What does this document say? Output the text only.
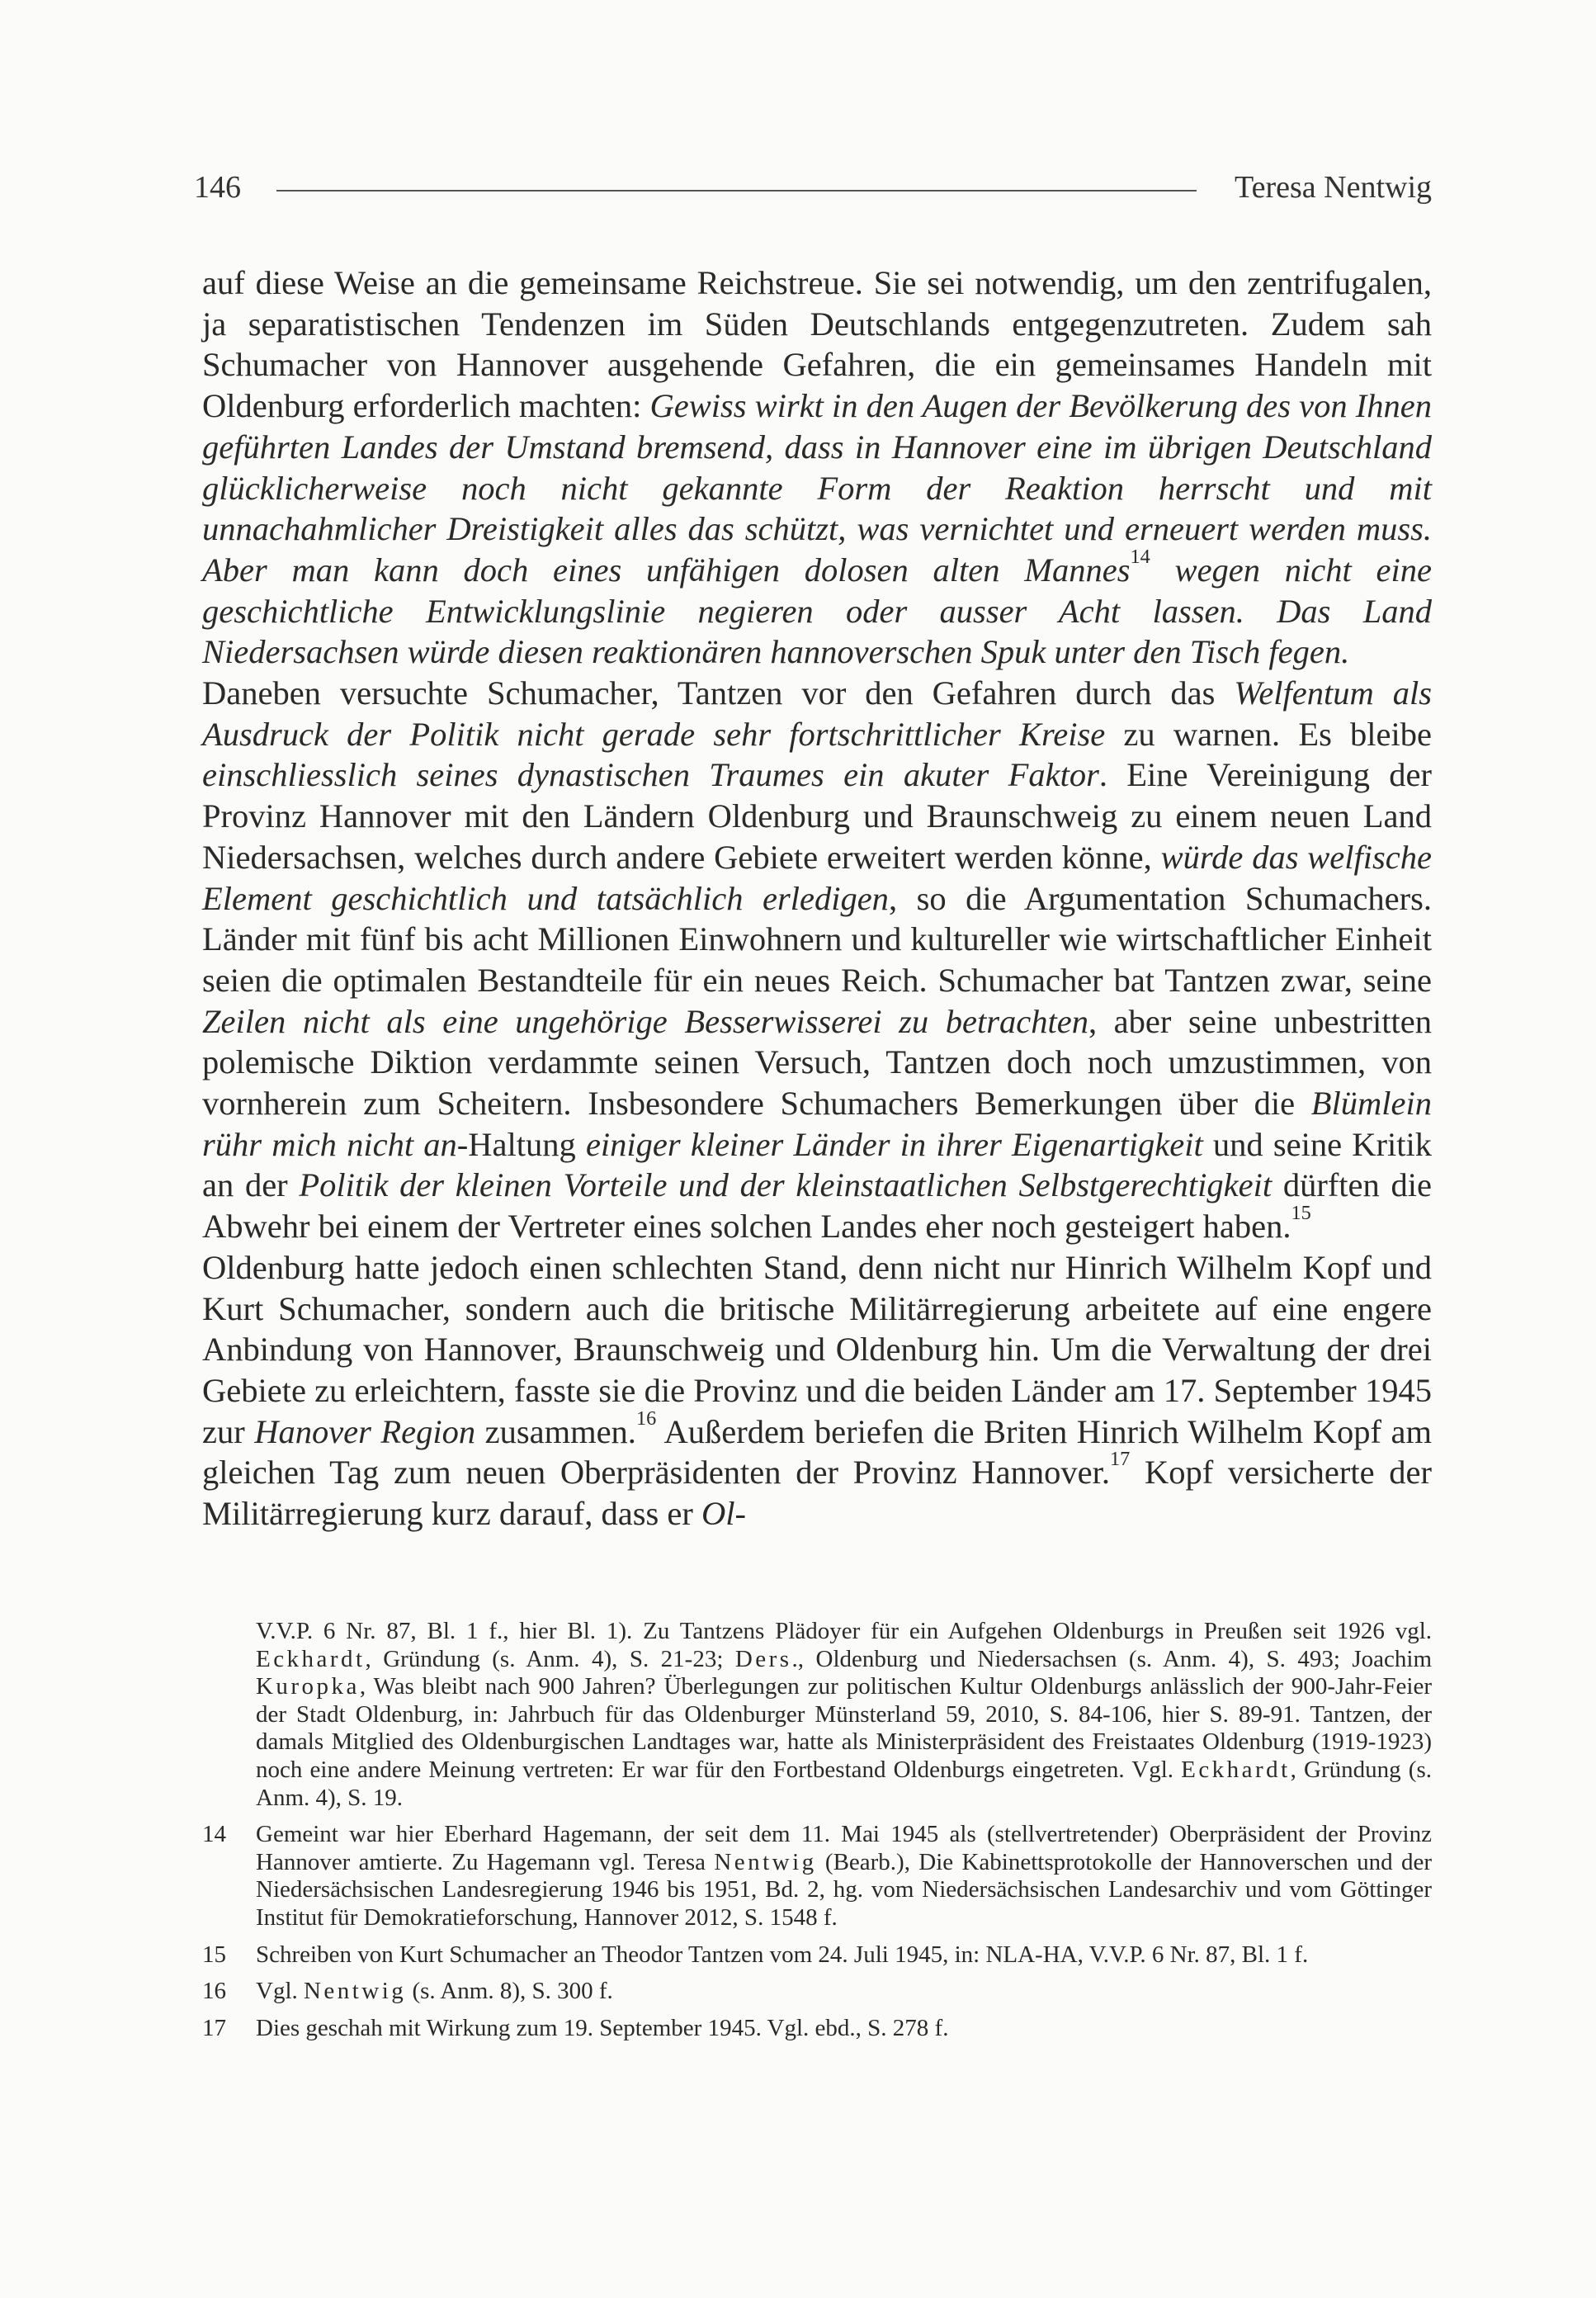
146	Teresa Nentwig

auf diese Weise an die gemeinsame Reichstreue. Sie sei notwendig, um den zentrifugalen, ja separatistischen Tendenzen im Süden Deutschlands entgegenzutreten. Zudem sah Schumacher von Hannover ausgehende Gefahren, die ein gemeinsames Handeln mit Oldenburg erforderlich machten: Gewiss wirkt in den Augen der Bevölkerung des von Ihnen geführten Landes der Umstand bremsend, dass in Hannover eine im übrigen Deutschland glücklicherweise noch nicht gekannte Form der Reaktion herrscht und mit unnachahmlicher Dreistigkeit alles das schützt, was vernichtet und erneuert werden muss. Aber man kann doch eines unfähigen dolosen alten Mannes$^{14}$ wegen nicht eine geschichtliche Entwicklungslinie negieren oder ausser Acht lassen. Das Land Niedersachsen würde diesen reaktionären hannoverschen Spuk unter den Tisch fegen.

Daneben versuchte Schumacher, Tantzen vor den Gefahren durch das Welfentum als Ausdruck der Politik nicht gerade sehr fortschrittlicher Kreise zu warnen. Es bleibe einschliesslich seines dynastischen Traumes ein akuter Faktor. Eine Vereinigung der Provinz Hannover mit den Ländern Oldenburg und Braunschweig zu einem neuen Land Niedersachsen, welches durch andere Gebiete erweitert werden könne, würde das welfische Element geschichtlich und tatsächlich erledigen, so die Argumentation Schumachers. Länder mit fünf bis acht Millionen Einwohnern und kultureller wie wirtschaftlicher Einheit seien die optimalen Bestandteile für ein neues Reich. Schumacher bat Tantzen zwar, seine Zeilen nicht als eine ungehörige Besserwisserei zu betrachten, aber seine unbestritten polemische Diktion verdammte seinen Versuch, Tantzen doch noch umzustimmen, von vornherein zum Scheitern. Insbesondere Schumachers Bemerkungen über die Blümlein rühr mich nicht an-Haltung einiger kleiner Länder in ihrer Eigenartigkeit und seine Kritik an der Politik der kleinen Vorteile und der kleinstaatlichen Selbstgerechtigkeit dürften die Abwehr bei einem der Vertreter eines solchen Landes eher noch gesteigert haben.$^{15}$

Oldenburg hatte jedoch einen schlechten Stand, denn nicht nur Hinrich Wilhelm Kopf und Kurt Schumacher, sondern auch die britische Militärregierung arbeitete auf eine engere Anbindung von Hannover, Braunschweig und Oldenburg hin. Um die Verwaltung der drei Gebiete zu erleichtern, fasste sie die Provinz und die beiden Länder am 17. September 1945 zur Hanover Region zusammen.$^{16}$ Außerdem beriefen die Briten Hinrich Wilhelm Kopf am gleichen Tag zum neuen Oberpräsidenten der Provinz Hannover.$^{17}$ Kopf versicherte der Militärregierung kurz darauf, dass er Ol-

V.V.P. 6 Nr. 87, Bl. 1 f., hier Bl. 1). Zu Tantzens Plädoyer für ein Aufgehen Oldenburgs in Preußen seit 1926 vgl. Eckhardt, Gründung (s. Anm. 4), S. 21-23; Ders., Oldenburg und Niedersachsen (s. Anm. 4), S. 493; Joachim Kuropka, Was bleibt nach 900 Jahren? Überlegungen zur politischen Kultur Oldenburgs anlässlich der 900-Jahr-Feier der Stadt Oldenburg, in: Jahrbuch für das Oldenburger Münsterland 59, 2010, S. 84-106, hier S. 89-91. Tantzen, der damals Mitglied des Oldenburgischen Landtages war, hatte als Ministerpräsident des Freistaates Oldenburg (1919-1923) noch eine andere Meinung vertreten: Er war für den Fortbestand Oldenburgs eingetreten. Vgl. Eckhardt, Gründung (s. Anm. 4), S. 19.
14 Gemeint war hier Eberhard Hagemann, der seit dem 11. Mai 1945 als (stellvertretender) Oberpräsident der Provinz Hannover amtierte. Zu Hagemann vgl. Teresa Nentwig (Bearb.), Die Kabinettsprotokolle der Hannoverschen und der Niedersächsischen Landesregierung 1946 bis 1951, Bd. 2, hg. vom Niedersächsischen Landesarchiv und vom Göttinger Institut für Demokratieforschung, Hannover 2012, S. 1548 f.
15 Schreiben von Kurt Schumacher an Theodor Tantzen vom 24. Juli 1945, in: NLA-HA, V.V.P. 6 Nr. 87, Bl. 1 f.
16 Vgl. Nentwig (s. Anm. 8), S. 300 f.
17 Dies geschah mit Wirkung zum 19. September 1945. Vgl. ebd., S. 278 f.
